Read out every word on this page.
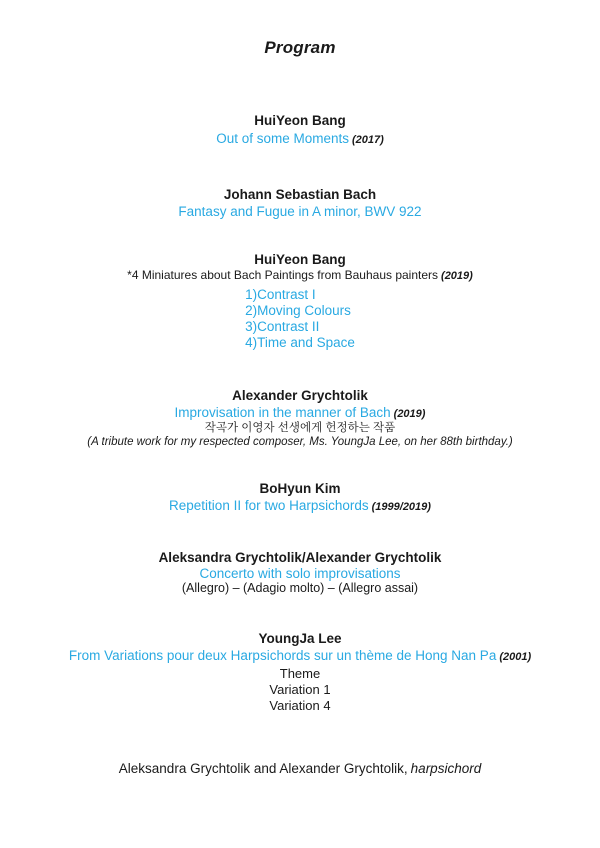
Program
HuiYeon Bang
Out of some Moments (2017)
Johann Sebastian Bach
Fantasy and Fugue in A minor, BWV 922
HuiYeon Bang
*4 Miniatures about Bach Paintings from Bauhaus painters (2019)
1)Contrast I
2)Moving Colours
3)Contrast II
4)Time and Space
Alexander Grychtolik
Improvisation in the manner of Bach (2019)
작곡가 이영자 선생에게 헌정하는 작품
(A tribute work for my respected composer, Ms. YoungJa Lee, on her 88th birthday.)
BoHyun Kim
Repetition II for two Harpsichords (1999/2019)
Aleksandra Grychtolik/Alexander Grychtolik
Concerto with solo improvisations
(Allegro) – (Adagio molto) – (Allegro assai)
YoungJa Lee
From Variations pour deux Harpsichords sur un thème de Hong Nan Pa (2001)
Theme
Variation 1
Variation 4
Aleksandra Grychtolik and Alexander Grychtolik, harpsichord
